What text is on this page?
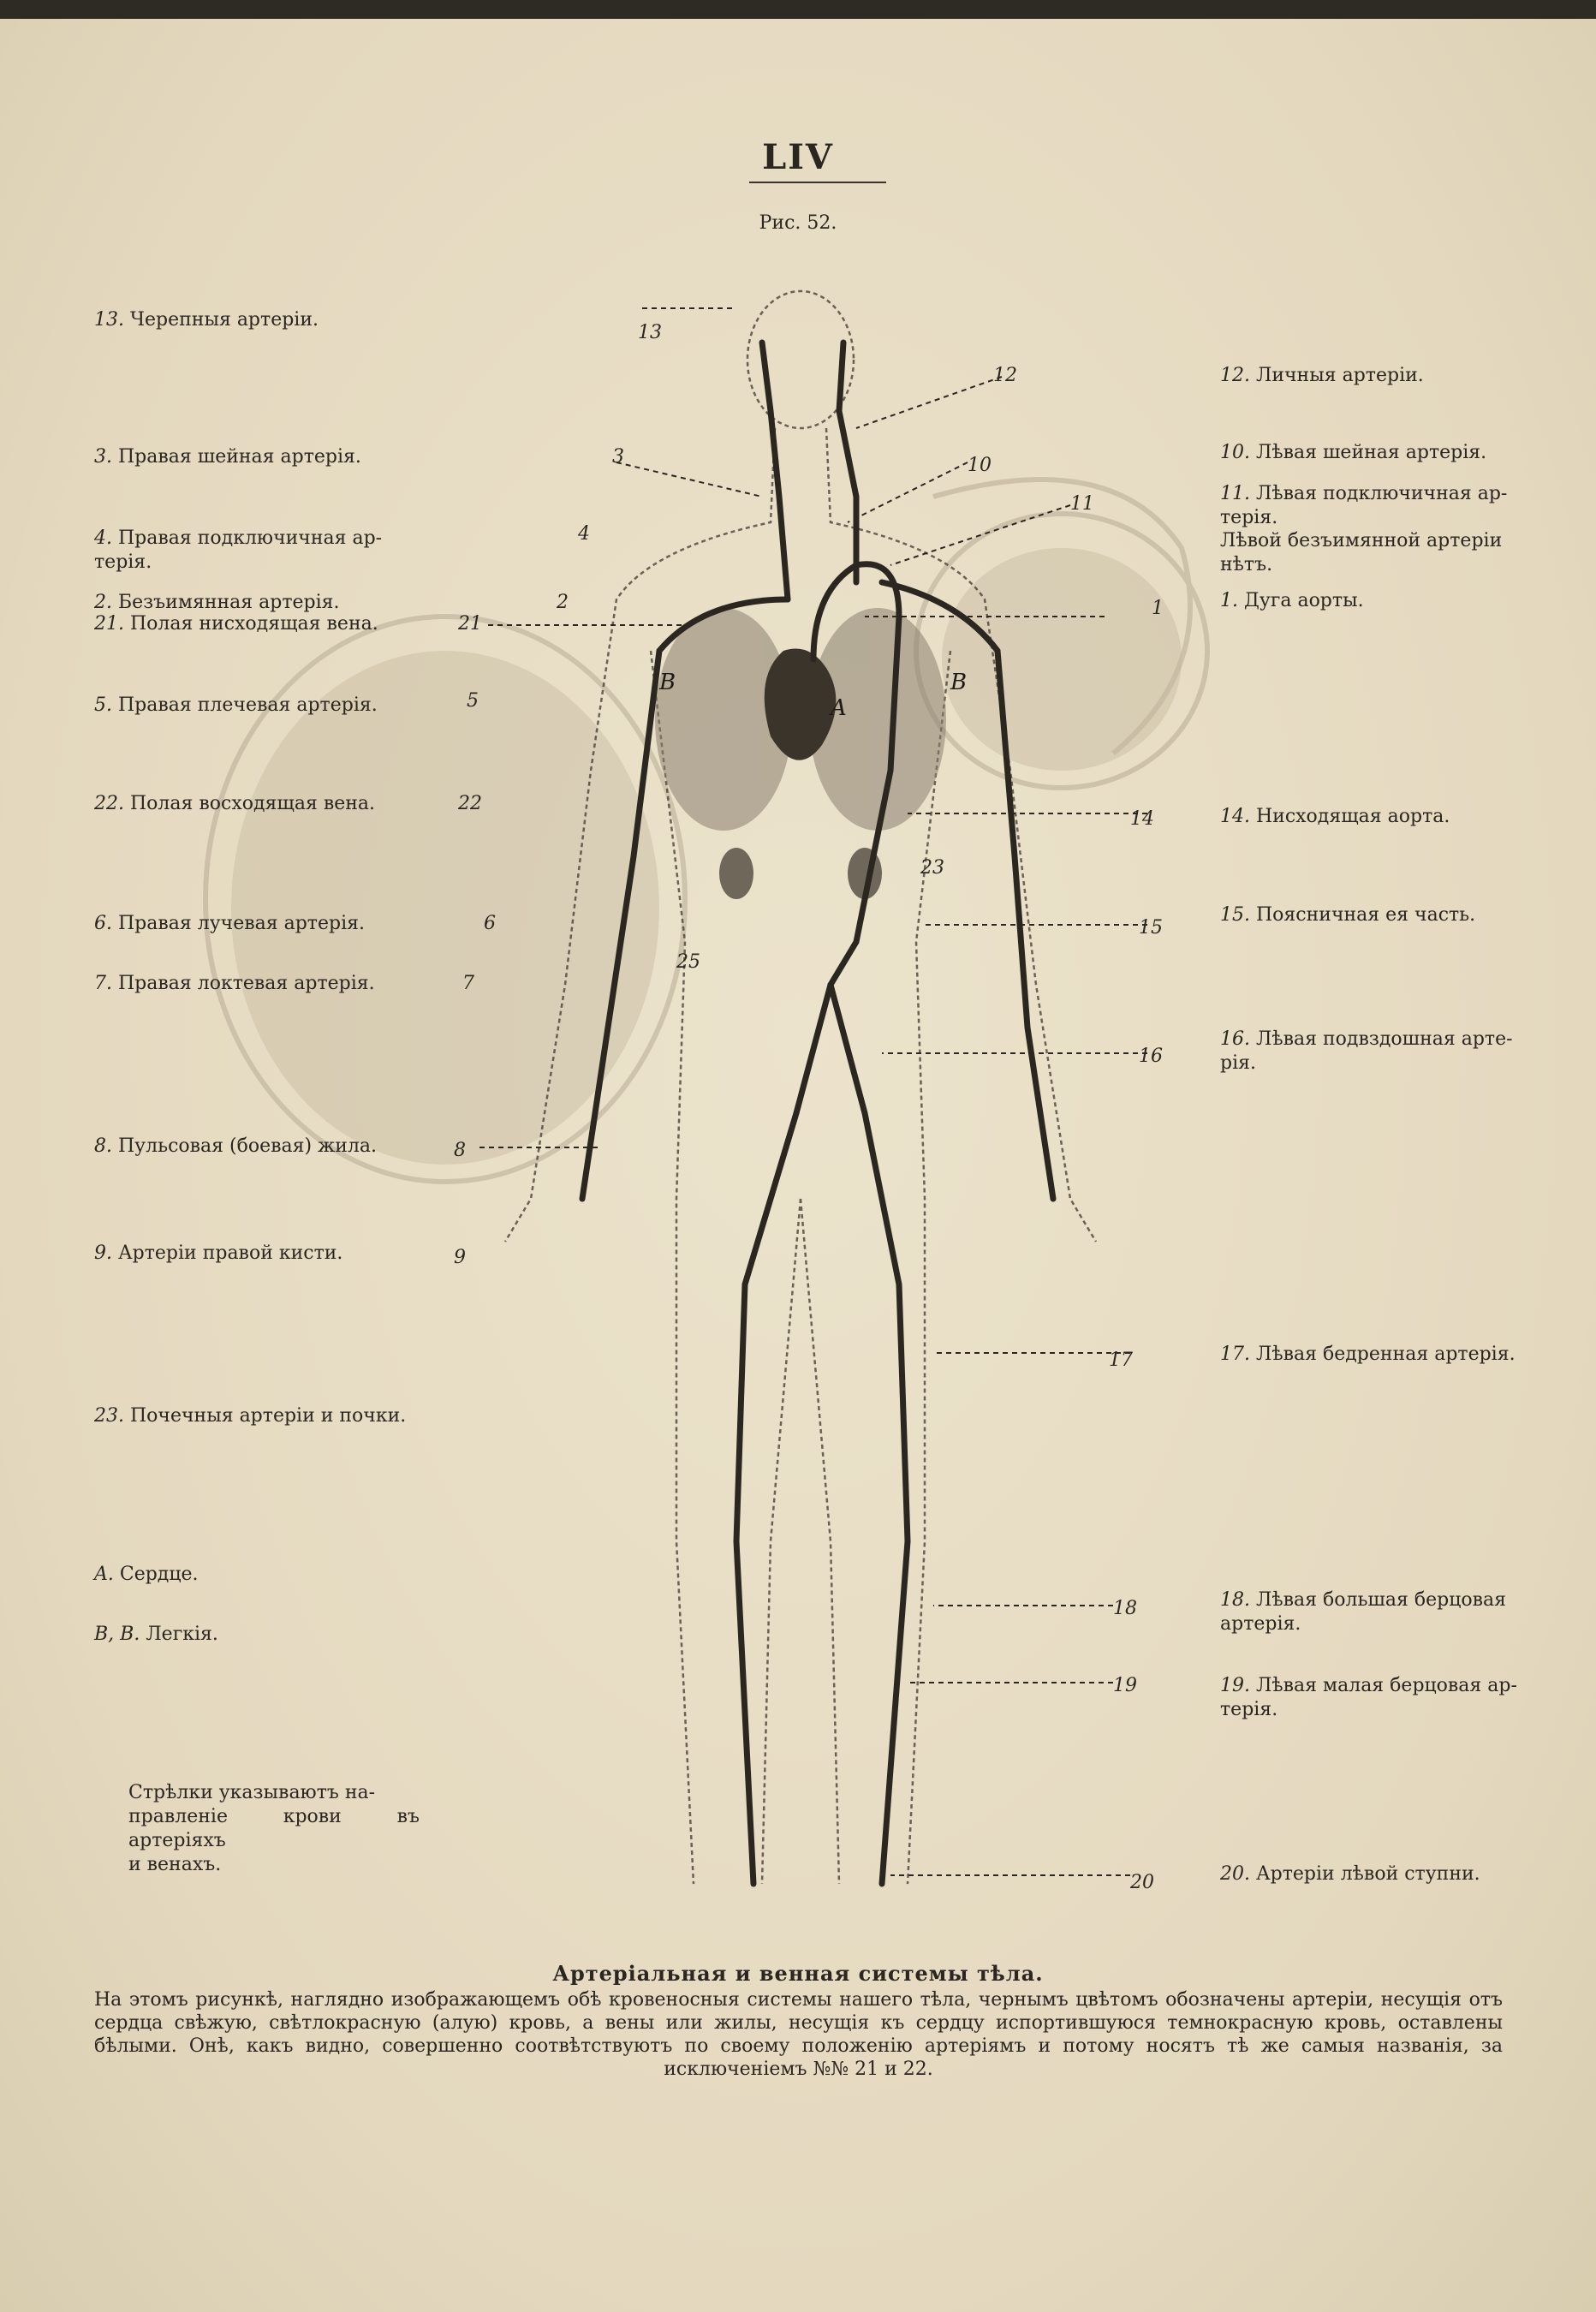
LIV
Рис. 52.
13
12
3	10
11
4
2	1
21
5
22
14
23
25
6	15
7
16
8
9
17
18
19
20
A
B	B
13. Черепныя артеріи.
3. Правая шейная артерія.
4. Правая подключичная ар-
терія.
2. Безъимянная артерія.
21. Полая нисходящая вена.
5. Правая плечевая артерія.
22. Полая восходящая вена.
6. Правая лучевая артерія.
7. Правая локтевая артерія.
8. Пульсовая (боевая) жила.
9. Артеріи правой кисти.
23. Почечныя артеріи и почки.
A. Сердце.
B, B. Легкія.
12. Личныя артеріи.
10. Лѣвая шейная артерія.
11. Лѣвая подключичная ар-
терія.
Лѣвой безъимянной артеріи
нѣтъ.
1. Дуга аорты.
14. Нисходящая аорта.
15. Поясничная ея часть.
16. Лѣвая подвздошная арте-
рія.
17. Лѣвая бедренная артерія.
18. Лѣвая большая берцовая
артерія.
19. Лѣвая малая берцовая ар-
терія.
20. Артеріи лѣвой ступни.
Стрѣлки указываютъ на-
правленіе крови въ артеріяхъ
и венахъ.
Артеріальная и венная системы тѣла.
На этомъ рисункѣ, наглядно изображающемъ обѣ кровеносныя системы нашего тѣла, чернымъ цвѣтомъ обозначены артеріи, несущія отъ сердца свѣжую, свѣтлокрасную (алую) кровь, а вены или жилы, несущія къ сердцу испортившуюся темнокрасную кровь, оставлены бѣлыми. Онѣ, какъ видно, совершенно соотвѣтствуютъ по своему положенію артеріямъ и потому носятъ тѣ же самыя названія, за исключеніемъ №№ 21 и 22.
